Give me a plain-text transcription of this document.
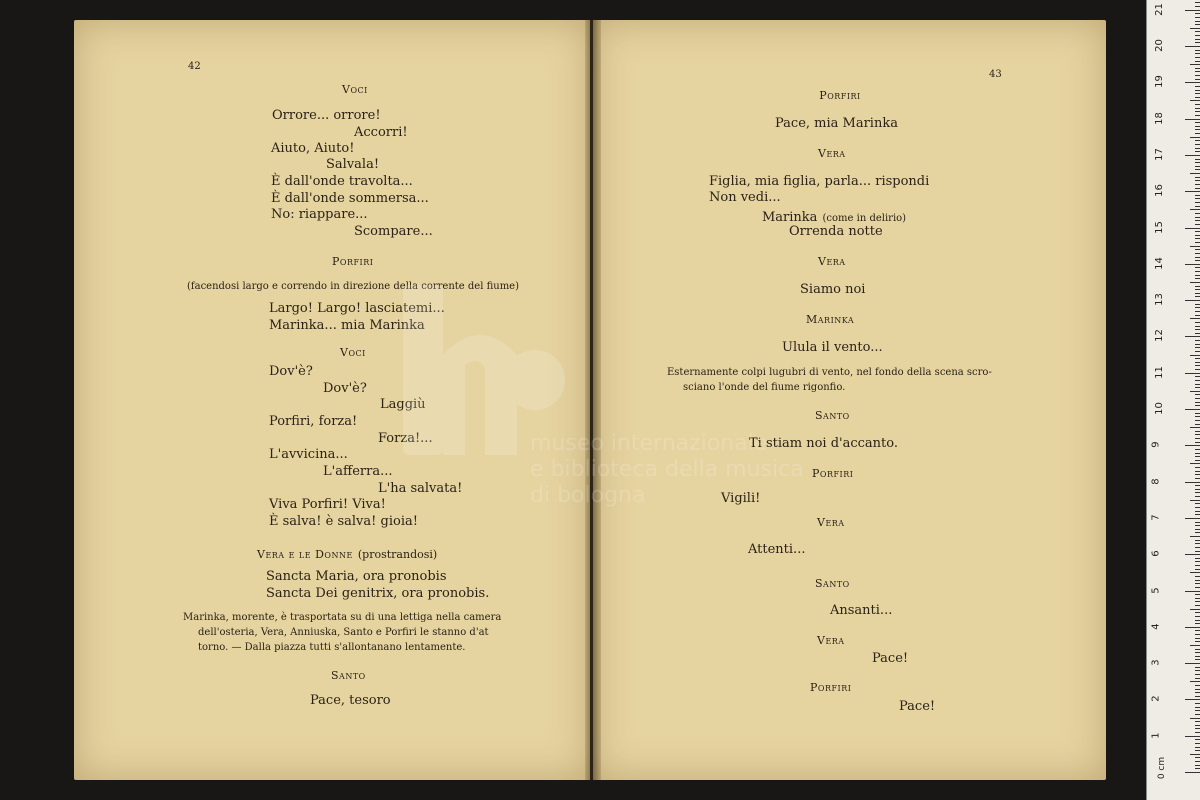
42
Voci
Orrore... orrore!
Accorri!
Aiuto, Aiuto!
Salvala!
È dall'onde travolta...
È dall'onde sommersa...
No: riappare...
Scompare...
Porfiri
(facendosi largo e correndo in direzione della corrente del fiume)
Largo! Largo! lasciatemi...
Marinka... mia Marinka
Voci
Dov'è?
Dov'è?
Laggiù
Porfiri, forza!
Forza!...
L'avvicina...
L'afferra...
L'ha salvata!
Viva Porfiri! Viva!
È salva! è salva! gioia!
Vera e le Donne (prostrandosi)
Sancta Maria, ora pronobis
Sancta Dei genitrix, ora pronobis.
Marinka, morente, è trasportata su di una lettiga nella camera
dell'osteria, Vera, Anniuska, Santo e Porfiri le stanno d'at
torno. — Dalla piazza tutti s'allontanano lentamente.
Santo
Pace, tesoro
43
Porfiri
Pace, mia Marinka
Vera
Figlia, mia figlia, parla... rispondi
Non vedi...
Marinka (come in delirio)
Orrenda notte
Vera
Siamo noi
Marinka
Ulula il vento...
Esternamente colpi lugubri di vento, nel fondo della scena scro-
sciano l'onde del fiume rigonfio.
Santo
Ti stiam noi d'accanto.
Porfiri
Vigili!
Vera
Attenti...
Santo
Ansanti...
Vera
Pace!
Porfiri
Pace!
1
2
3
4
5
6
7
8
9
10
11
12
13
14
15
16
17
18
19
20
21
0 cm
